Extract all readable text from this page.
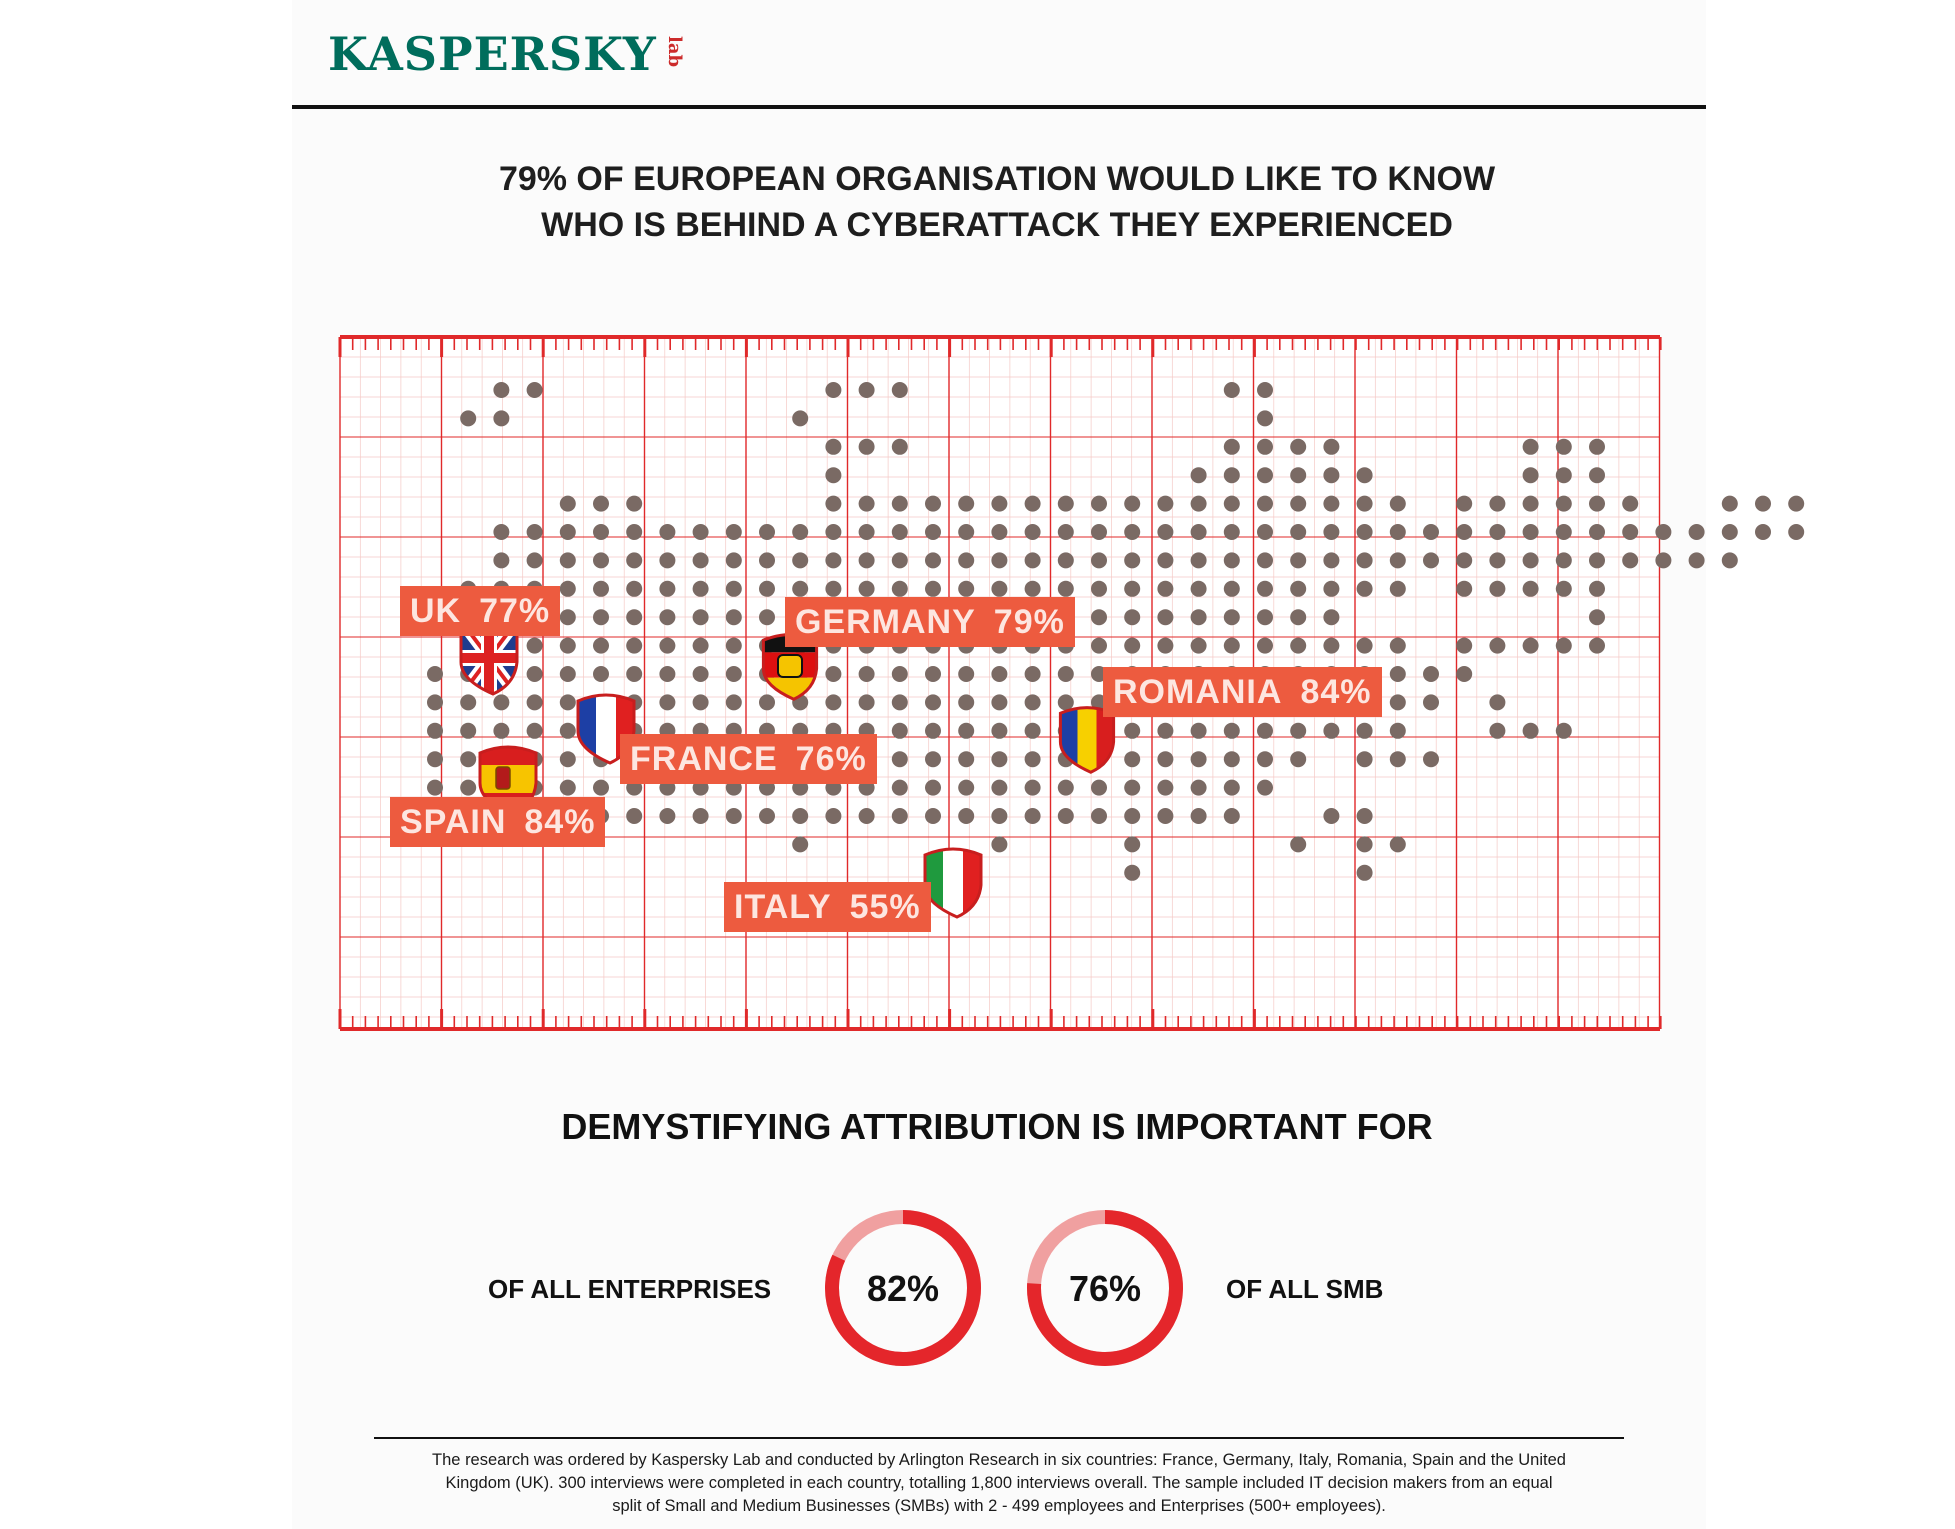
KASPERSKY lab
79% OF EUROPEAN ORGANISATION WOULD LIKE TO KNOW
WHO IS BEHIND A CYBERATTACK THEY EXPERIENCED
UK 77%	GERMANY 79%
ROMANIA 84%
FRANCE 76%
SPAIN 84%
ITALY 55%
DEMYSTIFYING ATTRIBUTION IS IMPORTANT FOR
OF ALL ENTERPRISES	82%	76%	OF ALL SMB
The research was ordered by Kaspersky Lab and conducted by Arlington Research in six countries: France, Germany, Italy, Romania, Spain and the United Kingdom (UK). 300 interviews were completed in each country, totalling 1,800 interviews overall. The sample included IT decision makers from an equal split of Small and Medium Businesses (SMBs) with 2 - 499 employees and Enterprises (500+ employees).
